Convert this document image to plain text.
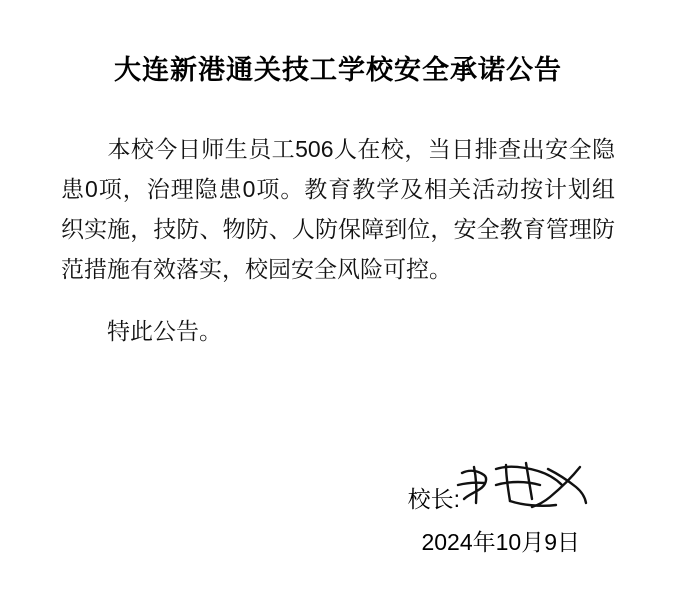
大连新港通关技工学校安全承诺公告

本校今日师生员工506人在校，当日排查出安全隐患0项，治理隐患0项。教育教学及相关活动按计划组织实施，技防、物防、人防保障到位，安全教育管理防范措施有效落实，校园安全风险可控。

特此公告。

校长:
2024年10月9日
